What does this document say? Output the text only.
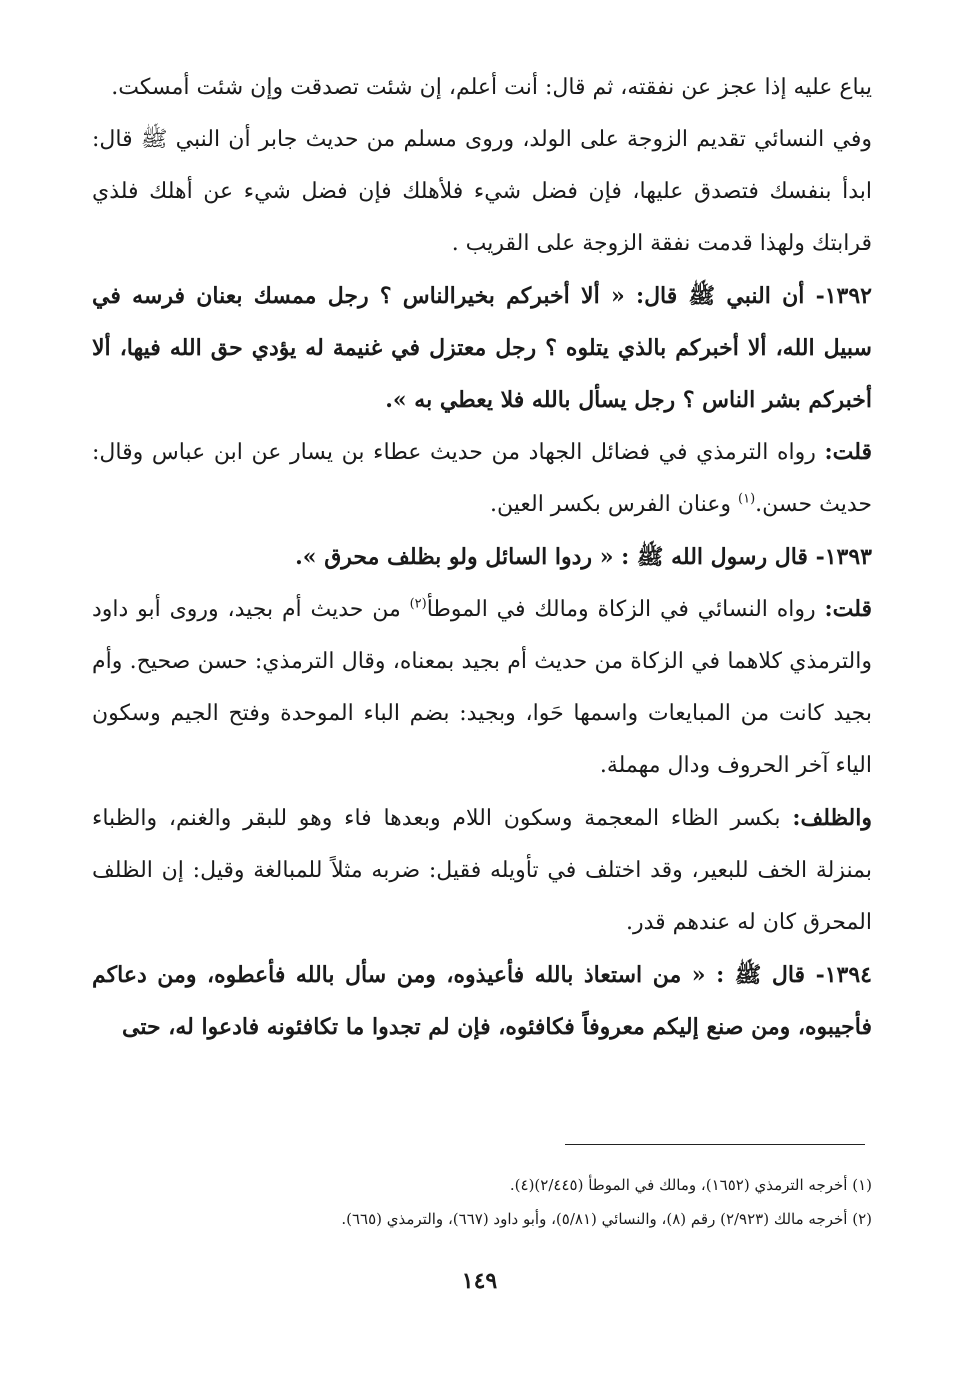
يباع عليه إذا عجز عن نفقته، ثم قال: أنت أعلم، إن شئت تصدقت وإن شئت أمسكت.

وفي النسائي تقديم الزوجة على الولد، وروى مسلم من حديث جابر أن النبي ﷺ قال: ابدأ بنفسك فتصدق عليها، فإن فضل شيء فلأهلك فإن فضل شيء عن أهلك فلذي قرابتك ولهذا قدمت نفقة الزوجة على القريب .

١٣٩٢- أن النبي ﷺ قال: « ألا أخبركم بخيرالناس ؟ رجل ممسك بعنان فرسه في سبيل الله، ألا أخبركم بالذي يتلوه ؟ رجل معتزل في غنيمة له يؤدي حق الله فيها، ألا أخبركم بشر الناس ؟ رجل يسأل بالله فلا يعطي به ».

قلت: رواه الترمذي في فضائل الجهاد من حديث عطاء بن يسار عن ابن عباس وقال: حديث حسن.$^{(١)}$ وعنان الفرس بكسر العين.

١٣٩٣- قال رسول الله ﷺ : « ردوا السائل ولو بظلف محرق ».

قلت: رواه النسائي في الزكاة ومالك في الموطأ$^{(٢)}$ من حديث أم بجيد، وروى أبو داود والترمذي كلاهما في الزكاة من حديث أم بجيد بمعناه، وقال الترمذي: حسن صحيح. وأم بجيد كانت من المبايعات واسمها حَوا، وبجيد: بضم الباء الموحدة وفتح الجيم وسكون الياء آخر الحروف ودال مهملة.

والظلف: بكسر الظاء المعجمة وسكون اللام وبعدها فاء وهو للبقر والغنم، والظباء بمنزلة الخف للبعير، وقد اختلف في تأويله فقيل: ضربه مثلاً للمبالغة وقيل: إن الظلف المحرق كان له عندهم قدر.

١٣٩٤- قال ﷺ : « من استعاذ بالله فأعيذوه، ومن سأل بالله فأعطوه، ومن دعاكم فأجيبوه، ومن صنع إليكم معروفاً فكافئوه، فإن لم تجدوا ما تكافئونه فادعوا له، حتى

(١) أخرجه الترمذي (١٦٥٢)، ومالك في الموطأ (٢/٤٤٥)(٤).

(٢) أخرجه مالك (٢/٩٢٣) رقم (٨)، والنسائي (٥/٨١)، وأبو داود (٦٦٧)، والترمذي (٦٦٥).

١٤٩
